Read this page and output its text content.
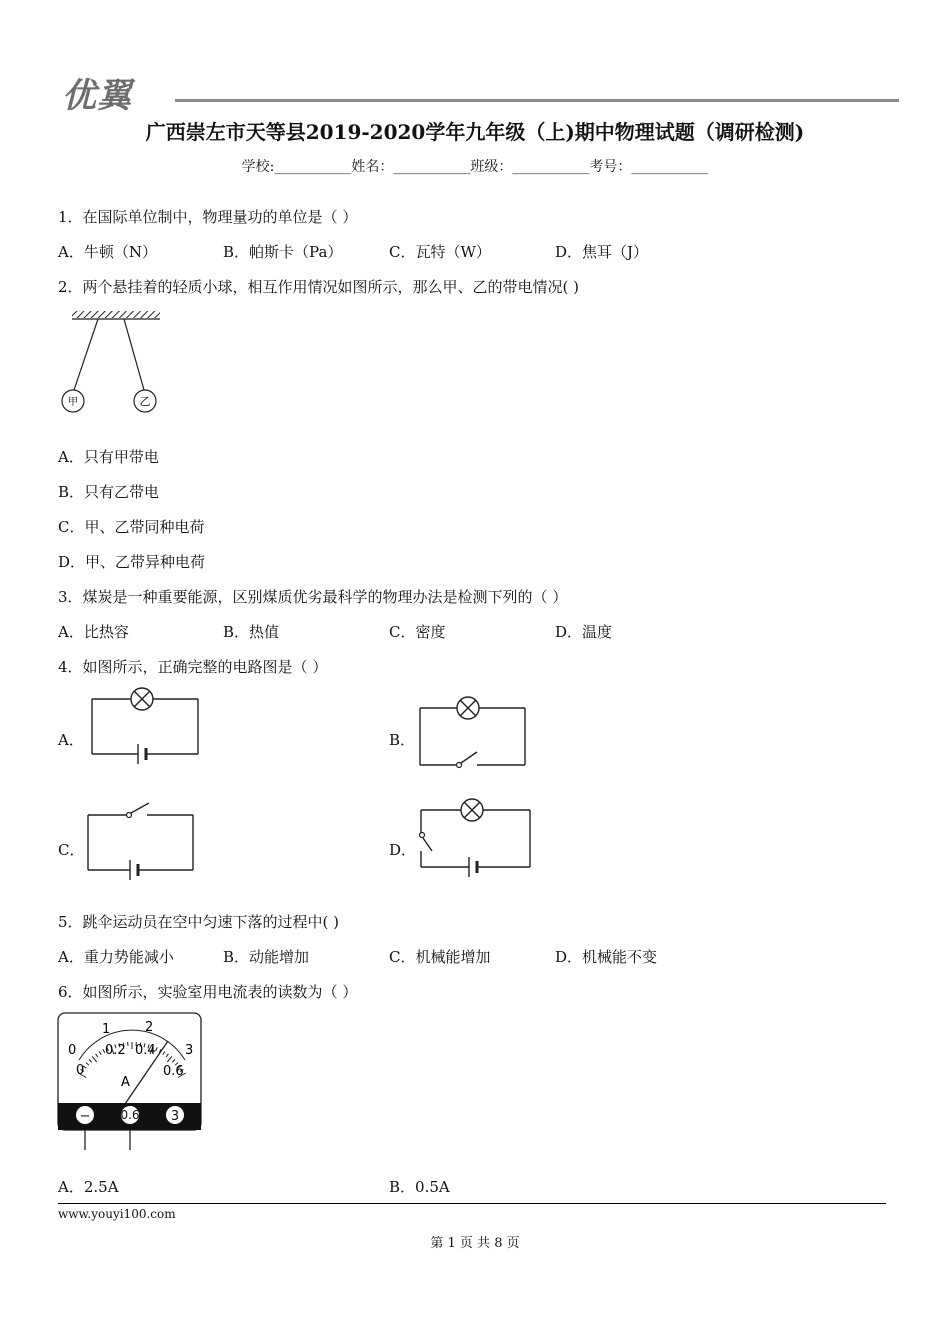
优翼
广西崇左市天等县2019-2020学年九年级（上)期中物理试题（调研检测)
学校:___________姓名：___________班级：___________考号：___________
1．在国际单位制中，物理量功的单位是（ ）
A．牛顿（N）	B．帕斯卡（Pa）	C．瓦特（W）	D．焦耳（J）
2．两个悬挂着的轻质小球，相互作用情况如图所示，那么甲、乙的带电情况( )
甲	乙
A．只有甲带电
B．只有乙带电
C．甲、乙带同种电荷
D．甲、乙带异种电荷
3．煤炭是一种重要能源，区别煤质优劣最科学的物理办法是检测下列的（ ）
A．比热容	B．热值	C．密度	D．温度
4．如图所示，正确完整的电路图是（ ）
A．	B．
C．	D．
5．跳伞运动员在空中匀速下落的过程中( )
A．重力势能减小	B．动能增加	C．机械能增加	D．机械能不变
6．如图所示，实验室用电流表的读数为（ ）
0
1	2
3
0
0.2 0.4
0.6
A
−	0.6 3
A．2.5A	B．0.5A
www.youyi100.com
第 1 页 共 8 页
